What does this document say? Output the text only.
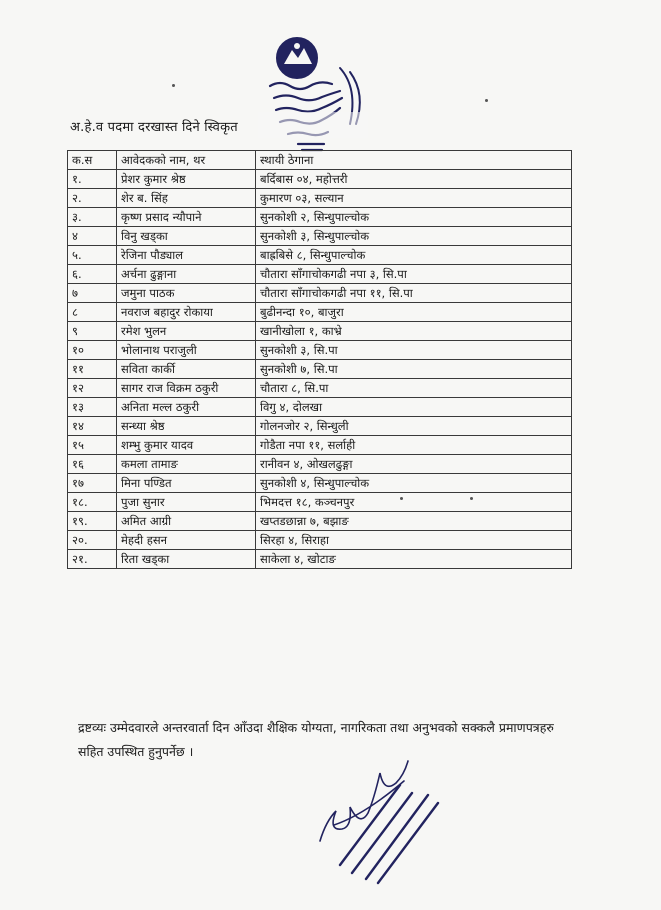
अ.हे.व पदमा दरखास्त दिने स्विकृत
क.स	आवेदकको नाम, थर	स्थायी ठेगाना
१.	प्रेशर कुमार श्रेष्ठ	बर्दिबास ०४, महोत्तरी
२.	शेर ब. सिंह	कुमारण ०३, सल्यान
३.	कृष्ण प्रसाद न्यौपाने	सुनकोशी २, सिन्धुपाल्चोक
४	विनु खड्का	सुनकोशी ३, सिन्धुपाल्चोक
५.	रेजिना पौड्याल	बाह्रबिसे ८, सिन्धुपाल्चोक
६.	अर्चना ढुङ्गाना	चौतारा साँगाचोकगढी नपा ३, सि.पा
७	जमुना पाठक	चौतारा साँगाचोकगढी नपा ११, सि.पा
८	नवराज बहादुर रोकाया	बुढीनन्दा १०, बाजुरा
९	रमेश भुलन	खानीखोला १, काभ्रे
१०	भोलानाथ पराजुली	सुनकोशी ३, सि.पा
११	सविता कार्की	सुनकोशी ७, सि.पा
१२	सागर राज विक्रम ठकुरी	चौतारा ८, सि.पा
१३	अनिता मल्ल ठकुरी	विगु ४, दोलखा
१४	सन्ध्या श्रेष्ठ	गोलनजोर २, सिन्धुली
१५	शम्भु कुमार यादव	गोडैता नपा ११, सर्लाही
१६	कमला तामाङ	रानीवन ४, ओखलढुङ्गा
१७	मिना पण्डित	सुनकोशी ४, सिन्धुपाल्चोक
१८.	पुजा सुनार	भिमदत्त १८, कञ्चनपुर
१९.	अमित आग्री	खप्तडछान्ना ७, बझाङ
२०.	मेहदी हसन	सिरहा ४, सिराहा
२१.	रिता खड्का	साकेला ४, खोटाङ
द्रष्टव्यः उम्मेदवारले अन्तरवार्ता दिन आँउदा शैक्षिक योग्यता, नागरिकता तथा अनुभवको सक्कलै प्रमाणपत्रहरु सहित उपस्थित हुनुपर्नेछ ।
